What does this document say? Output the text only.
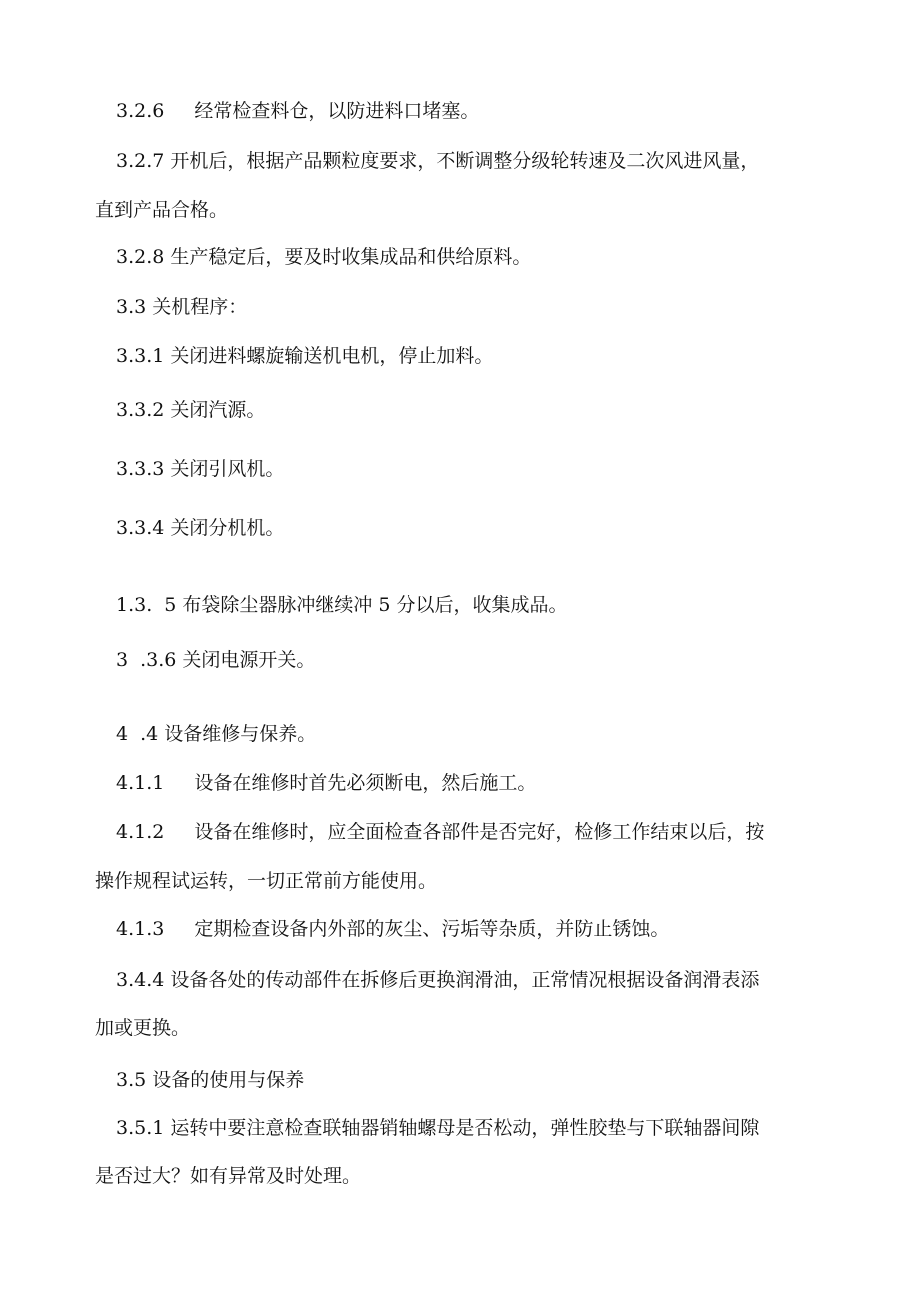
3.2.6 经常检查料仓，以防进料口堵塞。
3.2.7 开机后，根据产品颗粒度要求，不断调整分级轮转速及二次风进风量，
直到产品合格。
3.2.8 生产稳定后，要及时收集成品和供给原料。
3.3 关机程序：
3.3.1 关闭进料螺旋输送机电机，停止加料。
3.3.2 关闭汽源。
3.3.3 关闭引风机。
3.3.4 关闭分机机。
1.3. 5 布袋除尘器脉冲继续冲 5 分以后，收集成品。
3 .3.6 关闭电源开关。
4 .4 设备维修与保养。
4.1.1 设备在维修时首先必须断电，然后施工。
4.1.2 设备在维修时，应全面检查各部件是否完好，检修工作结束以后，按
操作规程试运转，一切正常前方能使用。
4.1.3 定期检查设备内外部的灰尘、污垢等杂质，并防止锈蚀。
3.4.4 设备各处的传动部件在拆修后更换润滑油，正常情况根据设备润滑表添
加或更换。
3.5 设备的使用与保养
3.5.1 运转中要注意检查联轴器销轴螺母是否松动，弹性胶垫与下联轴器间隙
是否过大？如有异常及时处理。
